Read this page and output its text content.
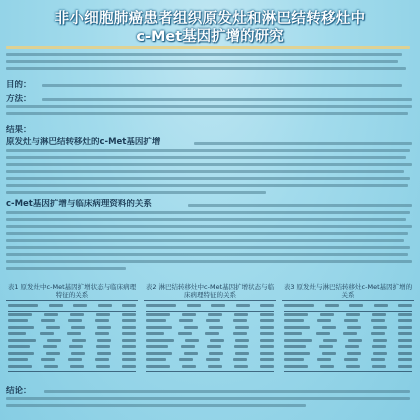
非小细胞肺癌患者组织原发灶和淋巴结转移灶中
c-Met基因扩增的研究
目的：
方法：
结果：
原发灶与淋巴结转移灶的c-Met基因扩增
c-Met基因扩增与临床病理资料的关系
表1 原发灶中c-Met基因扩增状态与临床病理特征的关系
表2 淋巴结转移灶中c-Met基因扩增状态与临床病理特征的关系
表3 原发灶与淋巴结转移灶c-Met基因扩增的关系
结论：
